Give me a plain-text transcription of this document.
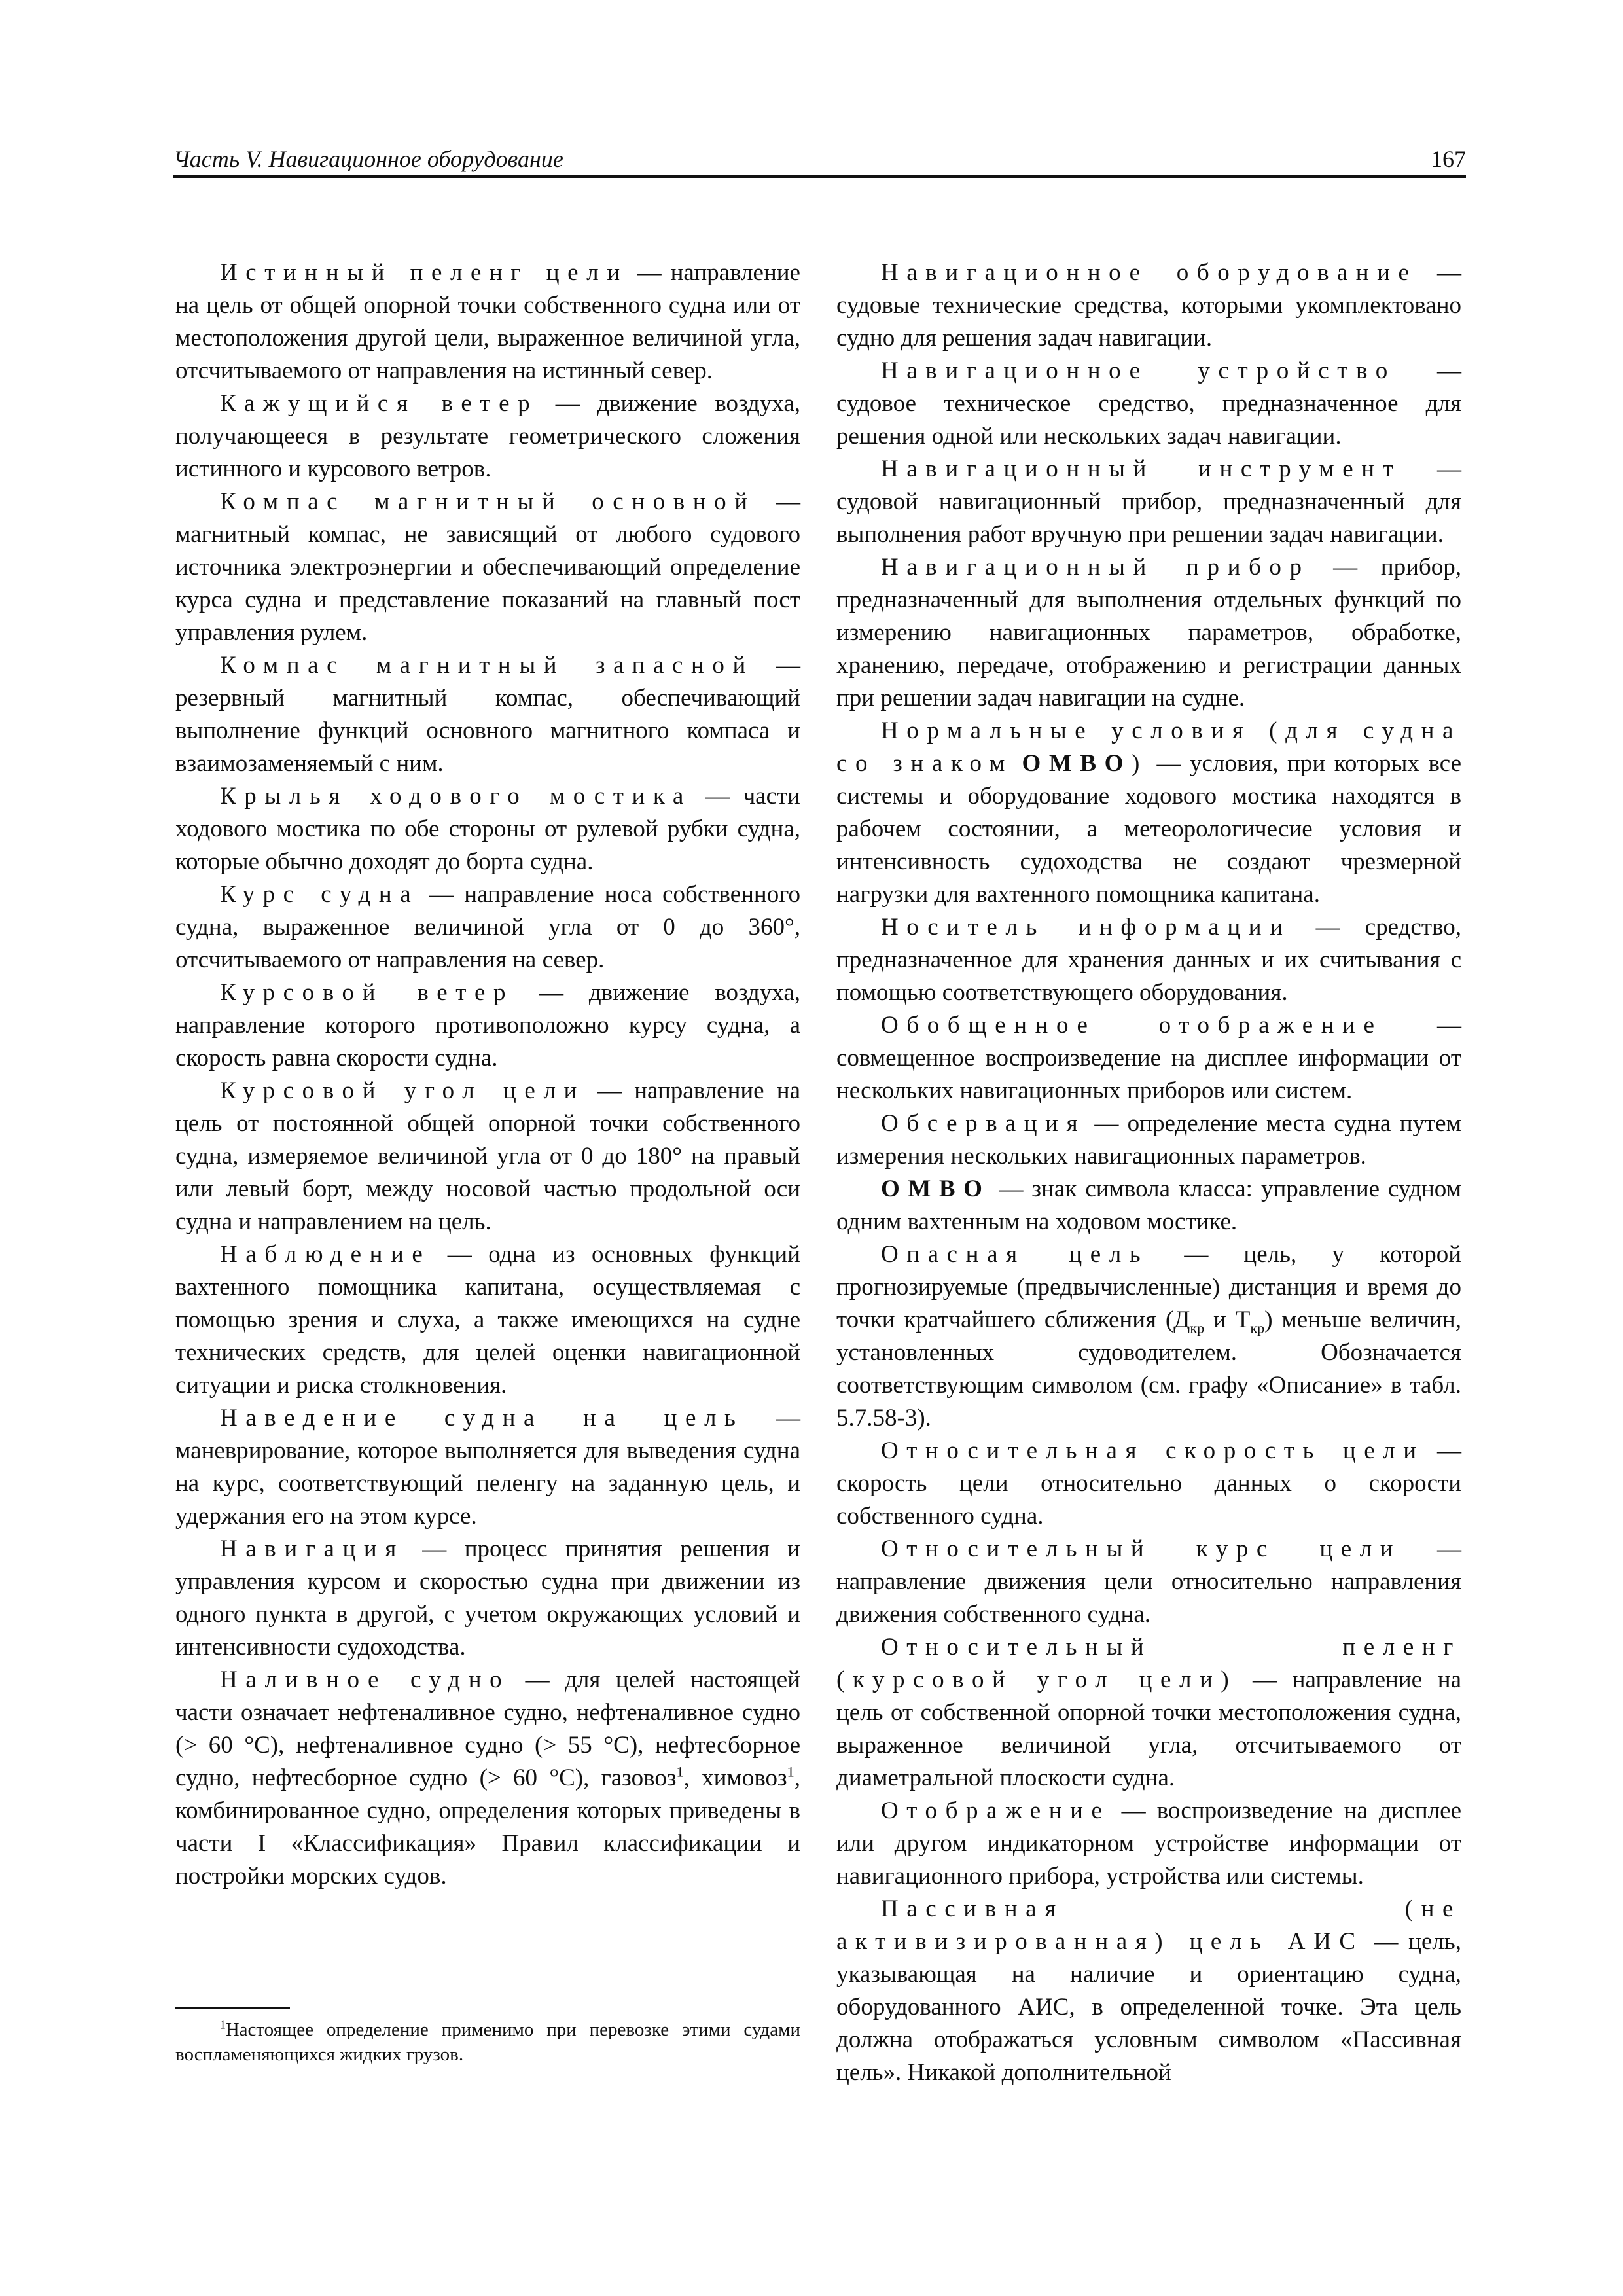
Часть V. Навигационное оборудование	167

Истинный пеленг цели — направление на цель от общей опорной точки собственного судна или от местоположения другой цели, выраженное величиной угла, отсчитываемого от направления на истинный север.

Кажущийся ветер — движение воздуха, получающееся в результате геометрического сложения истинного и курсового ветров.

Компас магнитный основной — магнитный компас, не зависящий от любого судового источника электроэнергии и обеспечивающий определение курса судна и представление показаний на главный пост управления рулем.

Компас магнитный запасной — резервный магнитный компас, обеспечивающий выполнение функций основного магнитного компаса и взаимозаменяемый с ним.

Крылья ходового мостика — части ходового мостика по обе стороны от рулевой рубки судна, которые обычно доходят до борта судна.

Курс судна — направление носа собственного судна, выраженное величиной угла от 0 до 360°, отсчитываемого от направления на север.

Курсовой ветер — движение воздуха, направление которого противоположно курсу судна, а скорость равна скорости судна.

Курсовой угол цели — направление на цель от постоянной общей опорной точки собственного судна, измеряемое величиной угла от 0 до 180° на правый или левый борт, между носовой частью продольной оси судна и направлением на цель.

Наблюдение — одна из основных функций вахтенного помощника капитана, осуществляемая с помощью зрения и слуха, а также имеющихся на судне технических средств, для целей оценки навигационной ситуации и риска столкновения.

Наведение судна на цель — маневрирование, которое выполняется для выведения судна на курс, соответствующий пеленгу на заданную цель, и удержания его на этом курсе.

Навигация — процесс принятия решения и управления курсом и скоростью судна при движении из одного пункта в другой, с учетом окружающих условий и интенсивности судоходства.

Наливное судно — для целей настоящей части означает нефтеналивное судно, нефтеналивное судно (> 60 °C), нефтеналивное судно (> 55 °C), нефтесборное судно, нефтесборное судно (> 60 °C), газовоз$^1$, химовоз$^1$, комбинированное судно, определения которых приведены в части I «Классификация» Правил классификации и постройки морских судов.

$^1$Настоящее определение применимо при перевозке этими судами воспламеняющихся жидких грузов.

Навигационное оборудование — судовые технические средства, которыми укомплектовано судно для решения задач навигации.

Навигационное устройство — судовое техническое средство, предназначенное для решения одной или нескольких задач навигации.

Навигационный инструмент — судовой навигационный прибор, предназначенный для выполнения работ вручную при решении задач навигации.

Навигационный прибор — прибор, предназначенный для выполнения отдельных функций по измерению навигационных параметров, обработке, хранению, передаче, отображению и регистрации данных при решении задач навигации на судне.

Нормальные условия (для судна со знаком OMBO) — условия, при которых все системы и оборудование ходового мостика находятся в рабочем состоянии, а метеорологичесие условия и интенсивность судоходства не создают чрезмерной нагрузки для вахтенного помощника капитана.

Носитель информации — средство, предназначенное для хранения данных и их считывания с помощью соответствующего оборудования.

Обобщенное отображение — совмещенное воспроизведение на дисплее информации от нескольких навигационных приборов или систем.

Обсервация — определение места судна путем измерения нескольких навигационных параметров.

OMBO — знак символа класса: управление судном одним вахтенным на ходовом мостике.

Опасная цель — цель, у которой прогнозируемые (предвычисленные) дистанция и время до точки кратчайшего сближения ($Д_{кр}$ и $Т_{кр}$) меньше величин, установленных судоводителем. Обозначается соответствующим символом (см. графу «Описание» в табл. 5.7.58-3).

Относительная скорость цели — скорость цели относительно данных о скорости собственного судна.

Относительный курс цели — направление движения цели относительно направления движения собственного судна.

Относительный пеленг (курсовой угол цели) — направление на цель от собственной опорной точки местоположения судна, выраженное величиной угла, отсчитываемого от диаметральной плоскости судна.

Отображение — воспроизведение на дисплее или другом индикаторном устройстве информации от навигационного прибора, устройства или системы.

Пассивная (не активизированная) цель АИС — цель, указывающая на наличие и ориентацию судна, оборудованного АИС, в определенной точке. Эта цель должна отображаться условным символом «Пассивная цель». Никакой дополнительной
